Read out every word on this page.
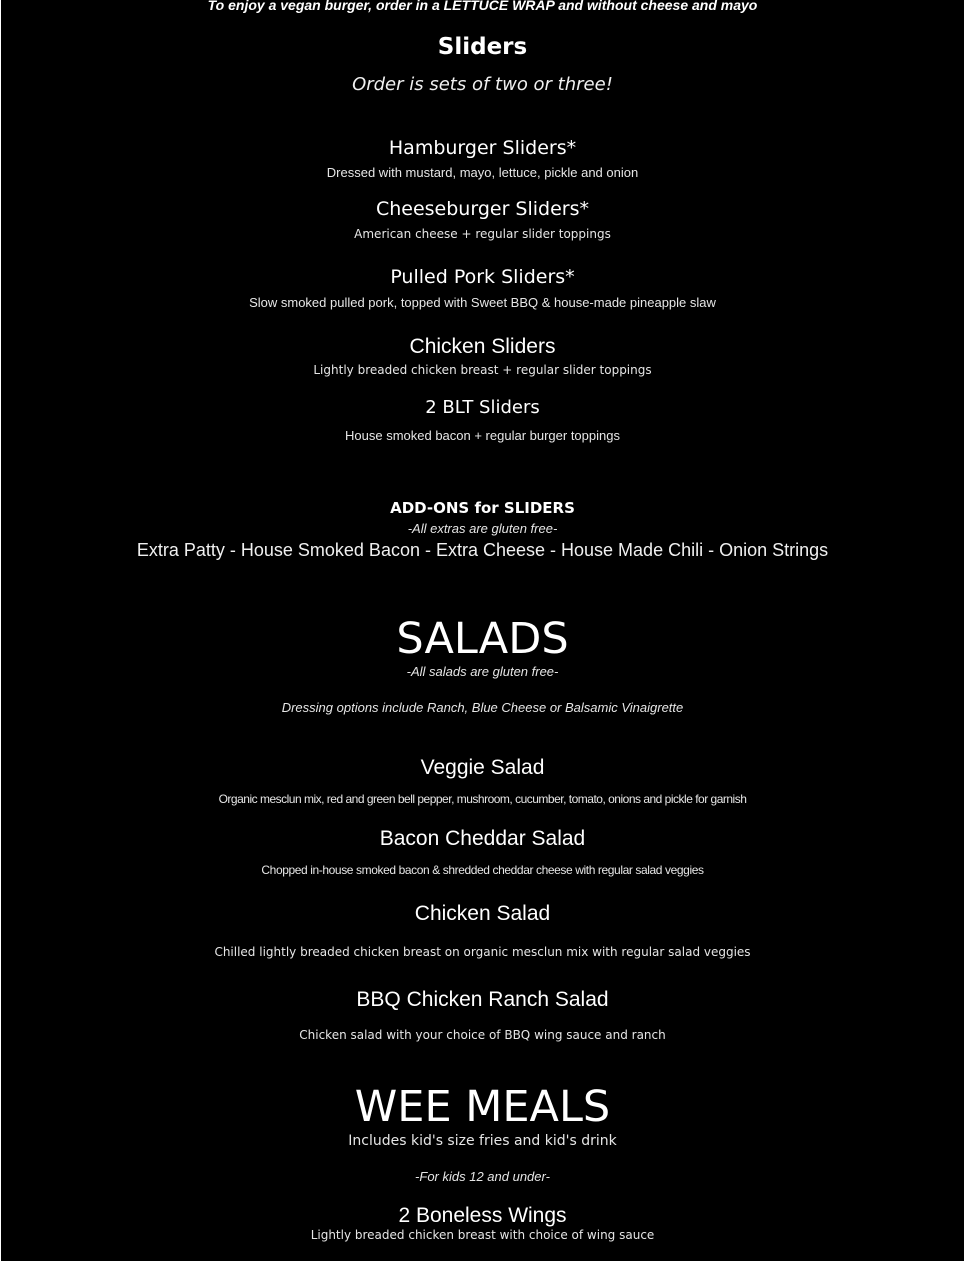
To enjoy a vegan burger, order in a LETTUCE WRAP and without cheese and mayo

Sliders

Order is sets of two or three!

Hamburger Sliders*

Dressed with mustard, mayo, lettuce, pickle and onion

Cheeseburger Sliders*

American cheese + regular slider toppings

Pulled Pork Sliders*

Slow smoked pulled pork, topped with Sweet BBQ & house-made pineapple slaw

Chicken Sliders

Lightly breaded chicken breast + regular slider toppings

2 BLT Sliders

House smoked bacon + regular burger toppings

ADD-ONS for SLIDERS

-All extras are gluten free-

Extra Patty - House Smoked Bacon - Extra Cheese - House Made Chili - Onion Strings

SALADS

-All salads are gluten free-

Dressing options include Ranch, Blue Cheese or Balsamic Vinaigrette

Veggie Salad

Organic mesclun mix, red and green bell pepper, mushroom, cucumber, tomato, onions and pickle for garnish

Bacon Cheddar Salad

Chopped in-house smoked bacon & shredded cheddar cheese with regular salad veggies

Chicken Salad

Chilled lightly breaded chicken breast on organic mesclun mix with regular salad veggies

BBQ Chicken Ranch Salad

Chicken salad with your choice of BBQ wing sauce and ranch

WEE MEALS

Includes kid's size fries and kid's drink

-For kids 12 and under-

2 Boneless Wings

Lightly breaded chicken breast with choice of wing sauce
